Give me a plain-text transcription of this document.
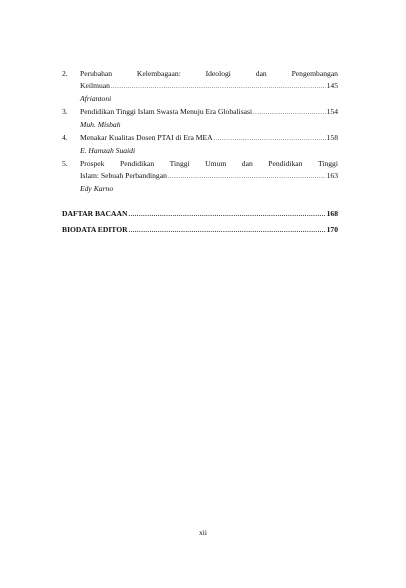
2. Perubahan	Kelembagaan:	Ideologi	dan	Pengembangan
Keilmuan .....	145
Afriantoni
3. Pendidikan Tinggi Islam Swasta Menuju Era Globalisasi .....	154
Muh. Misbah
4. Menakar Kualitas Dosen PTAI di Era MEA .....	158
E. Hamzah Suaidi
5. Prospek Pendidikan Tinggi Umum dan Pendidikan Tinggi
Islam: Sebuah Perbandingan .....	163
Edy Karno
DAFTAR BACAAN .....	168
BIODATA EDITOR .....	170
xii
